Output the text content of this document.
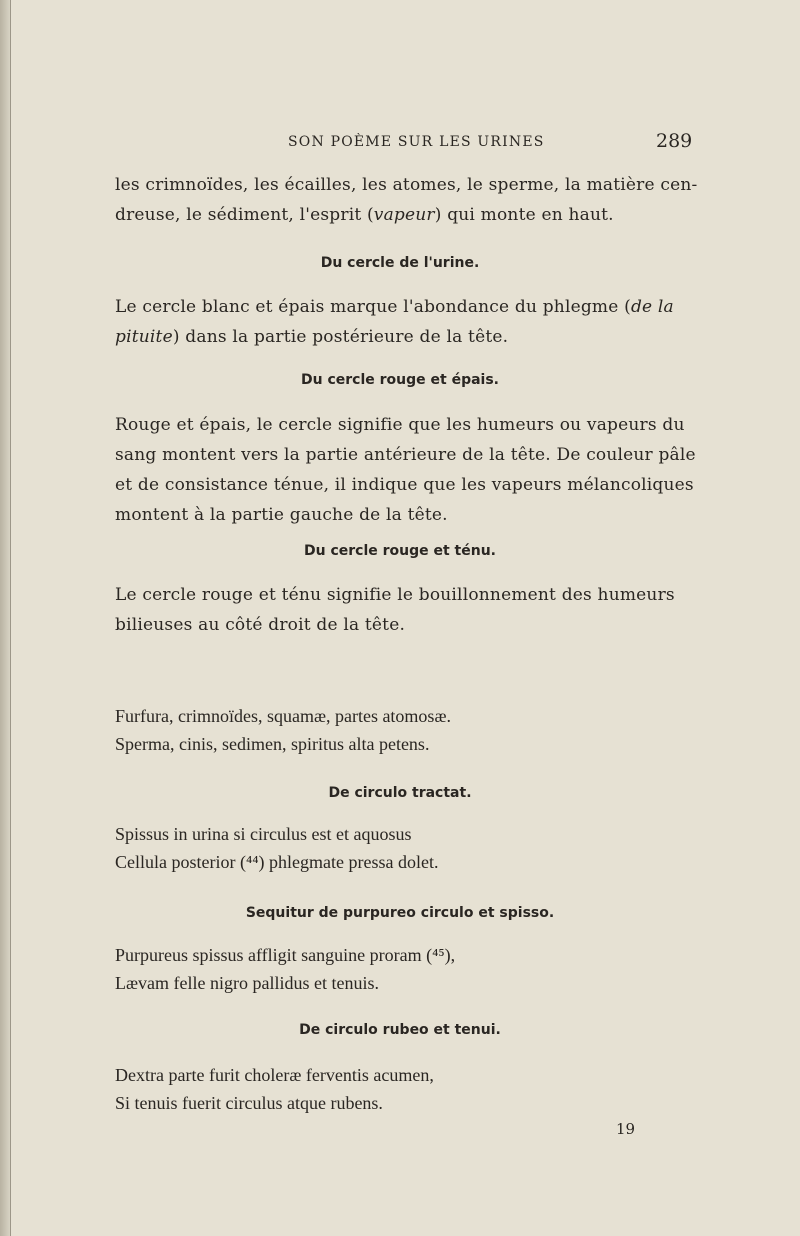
SON POÈME SUR LES URINES	289
les crimnoïdes, les écailles, les atomes, le sperme, la matière cen-
dreuse, le sédiment, l'esprit (vapeur) qui monte en haut.
Du cercle de l'urine.
Le cercle blanc et épais marque l'abondance du phlegme (de la
pituite) dans la partie postérieure de la tête.
Du cercle rouge et épais.
Rouge et épais, le cercle signifie que les humeurs ou vapeurs du
sang montent vers la partie antérieure de la tête. De couleur pâle
et de consistance ténue, il indique que les vapeurs mélancoliques
montent à la partie gauche de la tête.
Du cercle rouge et ténu.
Le cercle rouge et ténu signifie le bouillonnement des humeurs
bilieuses au côté droit de la tête.
Furfura, crimnoïdes, squamæ, partes atomosæ.
Sperma, cinis, sedimen, spiritus alta petens.
De circulo tractat.
Spissus in urina si circulus est et aquosus
Cellula posterior (⁴⁴) phlegmate pressa dolet.
Sequitur de purpureo circulo et spisso.
Purpureus spissus affligit sanguine proram (⁴⁵),
Lævam felle nigro pallidus et tenuis.
De circulo rubeo et tenui.
Dextra parte furit choleræ ferventis acumen,
Si tenuis fuerit circulus atque rubens.
19
